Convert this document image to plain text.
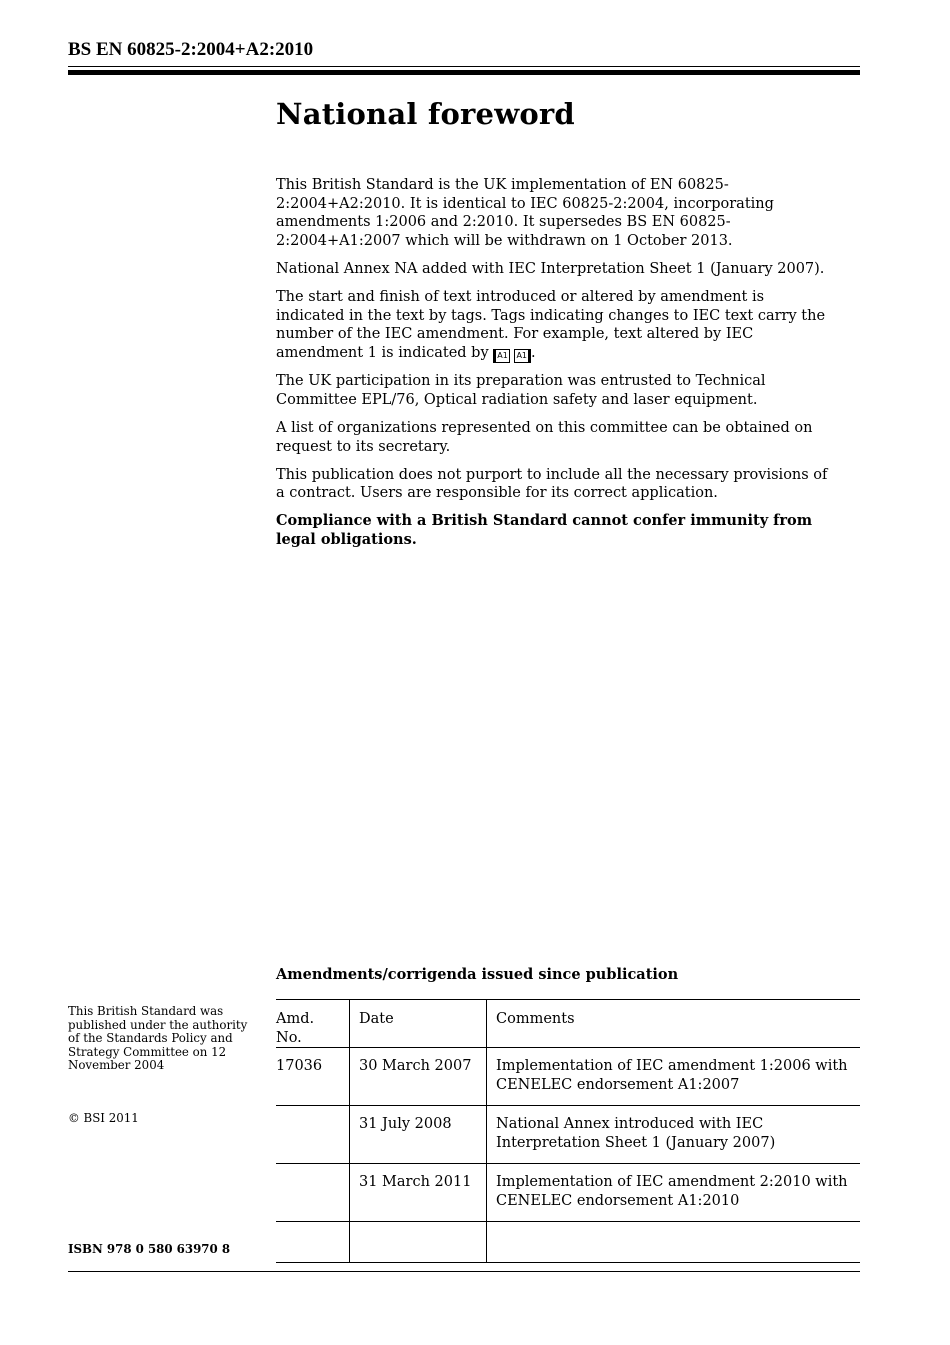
BS EN 60825-2:2004+A2:2010
National foreword

This British Standard is the UK implementation of EN 60825-2:2004+A2:2010. It is identical to IEC 60825-2:2004, incorporating amendments 1:2006 and 2:2010. It supersedes BS EN 60825-2:2004+A1:2007 which will be withdrawn on 1 October 2013.

National Annex NA added with IEC Interpretation Sheet 1 (January 2007).

The start and finish of text introduced or altered by amendment is indicated in the text by tags. Tags indicating changes to IEC text carry the number of the IEC amendment. For example, text altered by IEC amendment 1 is indicated by A1 A1 .

The UK participation in its preparation was entrusted to Technical Committee EPL/76, Optical radiation safety and laser equipment.

A list of organizations represented on this committee can be obtained on request to its secretary.

This publication does not purport to include all the necessary provisions of a contract. Users are responsible for its correct application.

Compliance with a British Standard cannot confer immunity from legal obligations.

Amendments/corrigenda issued since publication
Amd. No.	Date	Comments
17036	30 March 2007	Implementation of IEC amendment 1:2006 with CENELEC endorsement A1:2007
	31 July 2008	National Annex introduced with IEC Interpretation Sheet 1 (January 2007)
	31 March 2011	Implementation of IEC amendment 2:2010 with CENELEC endorsement A1:2010

This British Standard was published under the authority of the Standards Policy and Strategy Committee on 12 November 2004
© BSI 2011
ISBN 978 0 580 63970 8
